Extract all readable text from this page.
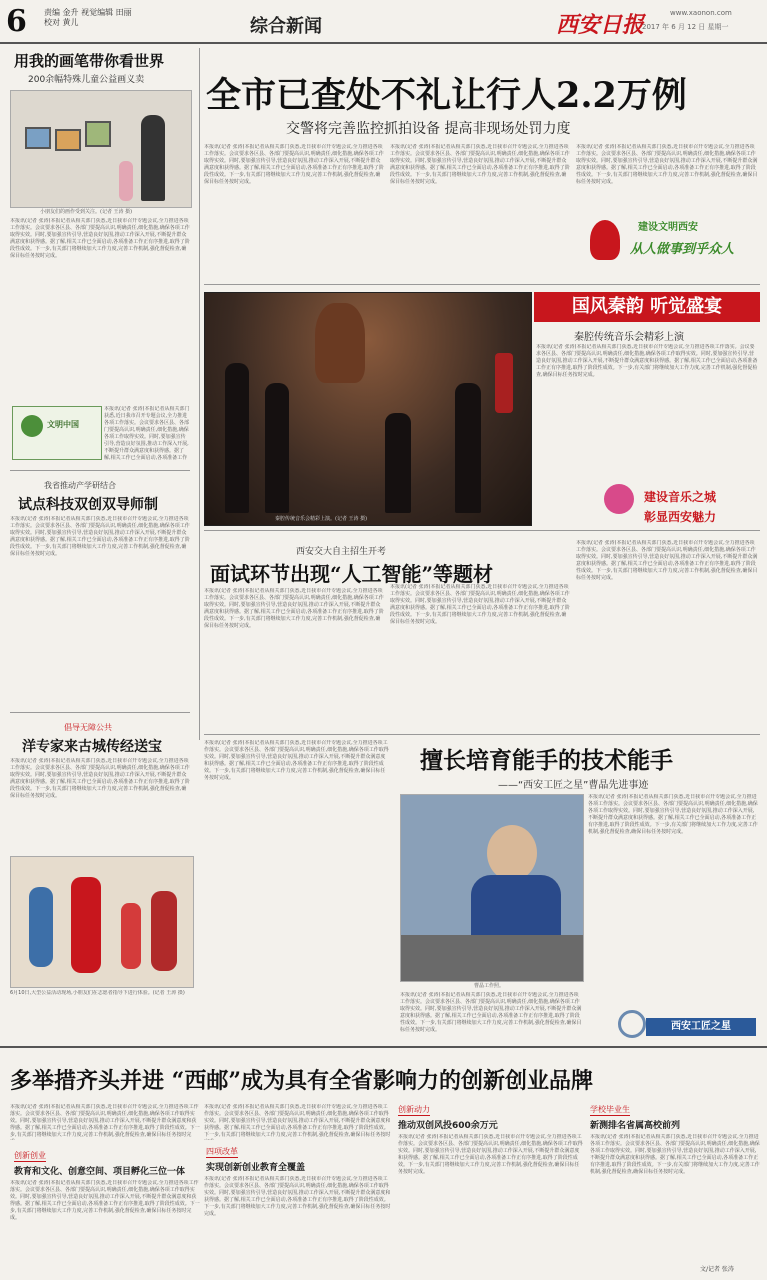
6 责编 金升 视觉编辑 田丽
校对 黄儿	综合新闻	西安日报	www.xaonon.com
2017 年 6 月 12 日 星期一
用我的画笔带你看世界
200余幅特殊儿童公益画义卖
小朋友们的画作受到关注。(记者 王涛 摄)
本报讯(记者 张涛)本报记者从相关部门获悉,近日我市召开专题会议,全力推进各项工作落实。会议要求各区县、各部门要提高认识,明确责任,细化措施,确保各项工作取得实效。同时,要加强宣传引导,营造良好氛围,推动工作深入开展,不断提升群众满意度和获得感。据了解,相关工作已全面启动,各项准备工作正有序推进,取得了阶段性成效。下一步,有关部门将继续加大工作力度,完善工作机制,强化督促检查,确保目标任务按时完成。
文明中国
本报讯(记者 张涛)本报记者从相关部门获悉,近日我市召开专题会议,全力推进各项工作落实。会议要求各区县、各部门要提高认识,明确责任,细化措施,确保各项工作取得实效。同时,要加强宣传引导,营造良好氛围,推动工作深入开展,不断提升群众满意度和获得感。据了解,相关工作已全面启动,各项准备工作
我省推动产学研结合
试点科技双创双导师制
本报讯(记者 张涛)本报记者从相关部门获悉,近日我市召开专题会议,全力推进各项工作落实。会议要求各区县、各部门要提高认识,明确责任,细化措施,确保各项工作取得实效。同时,要加强宣传引导,营造良好氛围,推动工作深入开展,不断提升群众满意度和获得感。据了解,相关工作已全面启动,各项准备工作正有序推进,取得了阶段性成效。下一步,有关部门将继续加大工作力度,完善工作机制,强化督促检查,确保目标任务按时完成。
倡导无障公共
洋专家来古城传经送宝
本报讯(记者 张涛)本报记者从相关部门获悉,近日我市召开专题会议,全力推进各项工作落实。会议要求各区县、各部门要提高认识,明确责任,细化措施,确保各项工作取得实效。同时,要加强宣传引导,营造良好氛围,推动工作深入开展,不断提升群众满意度和获得感。据了解,相关工作已全面启动,各项准备工作正有序推进,取得了阶段性成效。下一步,有关部门将继续加大工作力度,完善工作机制,强化督促检查,确保目标任务按时完成。
6月10日,大型公益活动现场,小朋友们在志愿者指导下进行体验。(记者 王涛 摄)
全市已查处不礼让行人2.2万例
交警将完善监控抓拍设备 提高非现场处罚力度
本报讯(记者 张涛)本报记者从相关部门获悉,近日我市召开专题会议,全力推进各项工作落实。会议要求各区县、各部门要提高认识,明确责任,细化措施,确保各项工作取得实效。同时,要加强宣传引导,营造良好氛围,推动工作深入开展,不断提升群众满意度和获得感。据了解,相关工作已全面启动,各项准备工作正有序推进,取得了阶段性成效。下一步,有关部门将继续加大工作力度,完善工作机制,强化督促检查,确保目标任务按时完成。
本报讯(记者 张涛)本报记者从相关部门获悉,近日我市召开专题会议,全力推进各项工作落实。会议要求各区县、各部门要提高认识,明确责任,细化措施,确保各项工作取得实效。同时,要加强宣传引导,营造良好氛围,推动工作深入开展,不断提升群众满意度和获得感。据了解,相关工作已全面启动,各项准备工作正有序推进,取得了阶段性成效。下一步,有关部门将继续加大工作力度,完善工作机制,强化督促检查,确保目标任务按时完成。
本报讯(记者 张涛)本报记者从相关部门获悉,近日我市召开专题会议,全力推进各项工作落实。会议要求各区县、各部门要提高认识,明确责任,细化措施,确保各项工作取得实效。同时,要加强宣传引导,营造良好氛围,推动工作深入开展,不断提升群众满意度和获得感。据了解,相关工作已全面启动,各项准备工作正有序推进,取得了阶段性成效。下一步,有关部门将继续加大工作力度,完善工作机制,强化督促检查,确保目标任务按时完成。
建设文明西安
从人做事到乎众人
秦腔传统音乐会精彩上演。(记者 王涛 摄)
国风秦韵 听觉盛宴
秦腔传统音乐会精彩上演
本报讯(记者 张涛)本报记者从相关部门获悉,近日我市召开专题会议,全力推进各项工作落实。会议要求各区县、各部门要提高认识,明确责任,细化措施,确保各项工作取得实效。同时,要加强宣传引导,营造良好氛围,推动工作深入开展,不断提升群众满意度和获得感。据了解,相关工作已全面启动,各项准备工作正有序推进,取得了阶段性成效。下一步,有关部门将继续加大工作力度,完善工作机制,强化督促检查,确保目标任务按时完成。
建设音乐之城
彰显西安魅力
西安交大自主招生开考
面试环节出现“人工智能”等题材
本报讯(记者 张涛)本报记者从相关部门获悉,近日我市召开专题会议,全力推进各项工作落实。会议要求各区县、各部门要提高认识,明确责任,细化措施,确保各项工作取得实效。同时,要加强宣传引导,营造良好氛围,推动工作深入开展,不断提升群众满意度和获得感。据了解,相关工作已全面启动,各项准备工作正有序推进,取得了阶段性成效。下一步,有关部门将继续加大工作力度,完善工作机制,强化督促检查,确保目标任务按时完成。
本报讯(记者 张涛)本报记者从相关部门获悉,近日我市召开专题会议,全力推进各项工作落实。会议要求各区县、各部门要提高认识,明确责任,细化措施,确保各项工作取得实效。同时,要加强宣传引导,营造良好氛围,推动工作深入开展,不断提升群众满意度和获得感。据了解,相关工作已全面启动,各项准备工作正有序推进,取得了阶段性成效。下一步,有关部门将继续加大工作力度,完善工作机制,强化督促检查,确保目标任务按时完成。
本报讯(记者 张涛)本报记者从相关部门获悉,近日我市召开专题会议,全力推进各项工作落实。会议要求各区县、各部门要提高认识,明确责任,细化措施,确保各项工作取得实效。同时,要加强宣传引导,营造良好氛围,推动工作深入开展,不断提升群众满意度和获得感。据了解,相关工作已全面启动,各项准备工作正有序推进,取得了阶段性成效。下一步,有关部门将继续加大工作力度,完善工作机制,强化督促检查,确保目标任务按时完成。
本报讯(记者 张涛)本报记者从相关部门获悉,近日我市召开专题会议,全力推进各项工作落实。会议要求各区县、各部门要提高认识,明确责任,细化措施,确保各项工作取得实效。同时,要加强宣传引导,营造良好氛围,推动工作深入开展,不断提升群众满意度和获得感。据了解,相关工作已全面启动,各项准备工作正有序推进,取得了阶段性成效。下一步,有关部门将继续加大工作力度,完善工作机制,强化督促检查,确保目标任务按时完成。
擅长培育能手的技术能手
——“西安工匠之星”曹晶先进事迹
曹晶工作照。
本报讯(记者 张涛)本报记者从相关部门获悉,近日我市召开专题会议,全力推进各项工作落实。会议要求各区县、各部门要提高认识,明确责任,细化措施,确保各项工作取得实效。同时,要加强宣传引导,营造良好氛围,推动工作深入开展,不断提升群众满意度和获得感。据了解,相关工作已全面启动,各项准备工作正有序推进,取得了阶段性成效。下一步,有关部门将继续加大工作力度,完善工作机制,强化督促检查,确保目标任务按时完成。
本报讯(记者 张涛)本报记者从相关部门获悉,近日我市召开专题会议,全力推进各项工作落实。会议要求各区县、各部门要提高认识,明确责任,细化措施,确保各项工作取得实效。同时,要加强宣传引导,营造良好氛围,推动工作深入开展,不断提升群众满意度和获得感。据了解,相关工作已全面启动,各项准备工作正有序推进,取得了阶段性成效。下一步,有关部门将继续加大工作力度,完善工作机制,强化督促检查,确保目标任务按时完成。	西安工匠之星
多举措齐头并进 “西邮”成为具有全省影响力的创新创业品牌
本报讯(记者 张涛)本报记者从相关部门获悉,近日我市召开专题会议,全力推进各项工作落实。会议要求各区县、各部门要提高认识,明确责任,细化措施,确保各项工作取得实效。同时,要加强宣传引导,营造良好氛围,推动工作深入开展,不断提升群众满意度和获得感。据了解,相关工作已全面启动,各项准备工作正有序推进,取得了阶段性成效。下一步,有关部门将继续加大工作力度,完善工作机制,强化督促检查,确保目标任务按时完
创新创业
教育和文化、创意空间、项目孵化三位一体
本报讯(记者 张涛)本报记者从相关部门获悉,近日我市召开专题会议,全力推进各项工作落实。会议要求各区县、各部门要提高认识,明确责任,细化措施,确保各项工作取得实效。同时,要加强宣传引导,营造良好氛围,推动工作深入开展,不断提升群众满意度和获得感。据了解,相关工作已全面启动,各项准备工作正有序推进,取得了阶段性成效。下一步,有关部门将继续加大工作力度,完善工作机制,强化督促检查,确保目标任务按时完成。
本报讯(记者 张涛)本报记者从相关部门获悉,近日我市召开专题会议,全力推进各项工作落实。会议要求各区县、各部门要提高认识,明确责任,细化措施,确保各项工作取得实效。同时,要加强宣传引导,营造良好氛围,推动工作深入开展,不断提升群众满意度和获得感。据了解,相关工作已全面启动,各项准备工作正有序推进,取得了阶段性成效。下一步,有关部门将继续加大工作力度,完善工作机制,强化督促检查,确保目标任务按时
四项改革
实现创新创业教育全覆盖
本报讯(记者 张涛)本报记者从相关部门获悉,近日我市召开专题会议,全力推进各项工作落实。会议要求各区县、各部门要提高认识,明确责任,细化措施,确保各项工作取得实效。同时,要加强宣传引导,营造良好氛围,推动工作深入开展,不断提升群众满意度和获得感。据了解,相关工作已全面启动,各项准备工作正有序推进,取得了阶段性成效。下一步,有关部门将继续加大工作力度,完善工作机制,强化督促检查,确保目标任务按时完成。
创新动力
推动双创风投600余万元
本报讯(记者 张涛)本报记者从相关部门获悉,近日我市召开专题会议,全力推进各项工作落实。会议要求各区县、各部门要提高认识,明确责任,细化措施,确保各项工作取得实效。同时,要加强宣传引导,营造良好氛围,推动工作深入开展,不断提升群众满意度和获得感。据了解,相关工作已全面启动,各项准备工作正有序推进,取得了阶段性成效。下一步,有关部门将继续加大工作力度,完善工作机制,强化督促检查,确保目标任务按时完成。
学校毕业生
新测排名省属高校前列
本报讯(记者 张涛)本报记者从相关部门获悉,近日我市召开专题会议,全力推进各项工作落实。会议要求各区县、各部门要提高认识,明确责任,细化措施,确保各项工作取得实效。同时,要加强宣传引导,营造良好氛围,推动工作深入开展,不断提升群众满意度和获得感。据了解,相关工作已全面启动,各项准备工作正有序推进,取得了阶段性成效。下一步,有关部门将继续加大工作力度,完善工作机制,强化督促检查,确保目标任务按时完成。
文/记者 张涛
